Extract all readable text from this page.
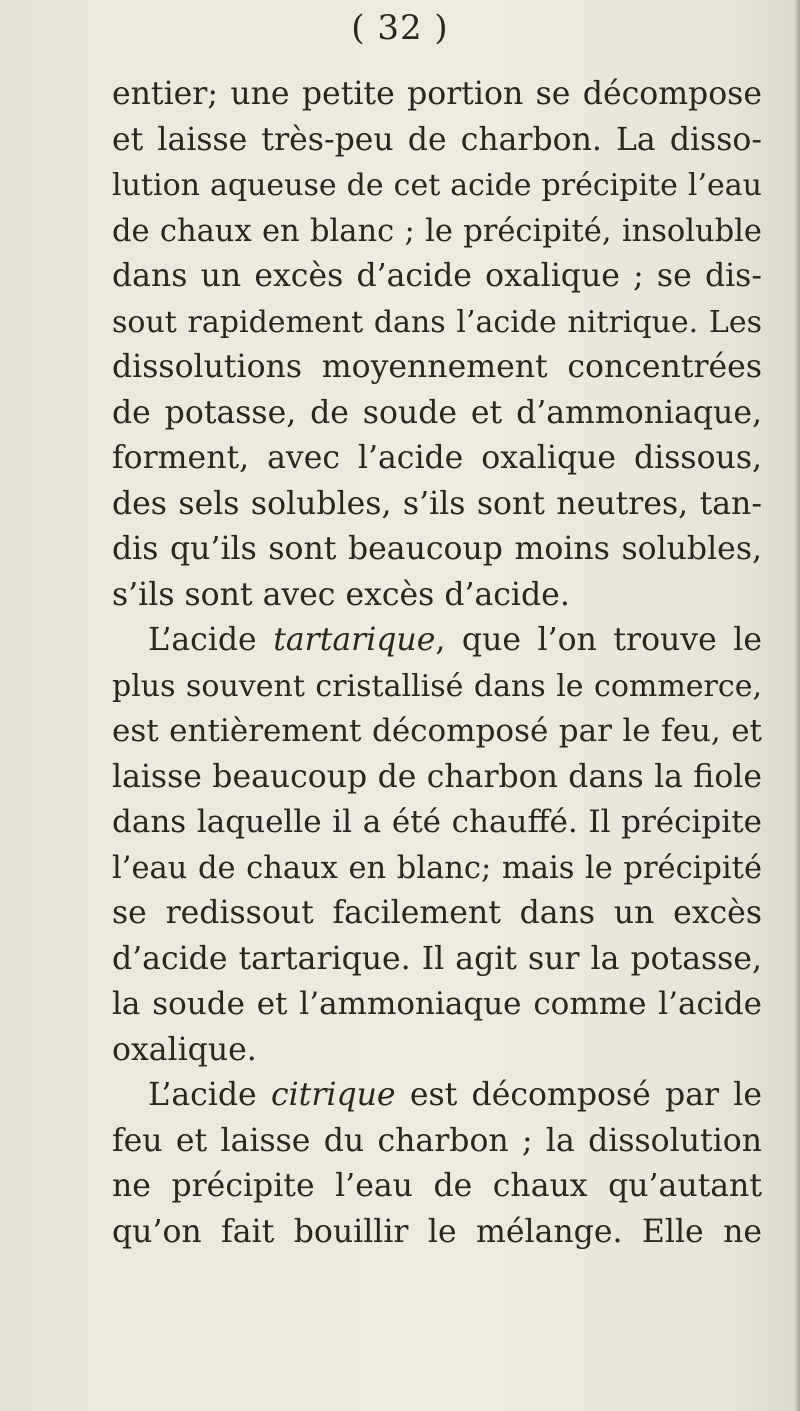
( 32 )
entier; une petite portion se décompose
et laisse très-peu de charbon. La disso-
lution aqueuse de cet acide précipite l’eau
de chaux en blanc ; le précipité, insoluble
dans un excès d’acide oxalique ; se dis-
sout rapidement dans l’acide nitrique. Les
dissolutions moyennement concentrées
de potasse, de soude et d’ammoniaque,
forment, avec l’acide oxalique dissous,
des sels solubles, s’ils sont neutres, tan-
dis qu’ils sont beaucoup moins solubles,
s’ils sont avec excès d’acide.
L’acide tartarique, que l’on trouve le
plus souvent cristallisé dans le commerce,
est entièrement décomposé par le feu, et
laisse beaucoup de charbon dans la fiole
dans laquelle il a été chauffé. Il précipite
l’eau de chaux en blanc; mais le précipité
se redissout facilement dans un excès
d’acide tartarique. Il agit sur la potasse,
la soude et l’ammoniaque comme l’acide
oxalique.
L’acide citrique est décomposé par le
feu et laisse du charbon ; la dissolution
ne précipite l’eau de chaux qu’autant
qu’on fait bouillir le mélange. Elle ne
